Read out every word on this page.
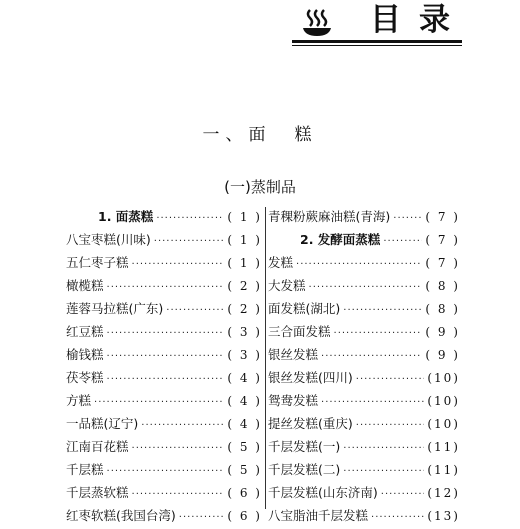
目录
一、面　糕
(一)蒸制品
1. 面蒸糕 ·····	( 1 )
八宝枣糕(川味) ·····	( 1 )
五仁枣子糕 ·····	( 1 )
橄榄糕 ·····	( 2 )
莲蓉马拉糕(广东) ·····	( 2 )
红豆糕 ·····	( 3 )
榆钱糕 ·····	( 3 )
茯苓糕 ·····	( 4 )
方糕 ·····	( 4 )
一品糕(辽宁) ·····	( 4 )
江南百花糕 ·····	( 5 )
千层糕 ·····	( 5 )
千层蒸软糕 ·····	( 6 )
红枣软糕(我国台湾) ·····	( 6 )
青稞粉蕨麻油糕(青海) ·····	( 7 )
2. 发酵面蒸糕 ·····	( 7 )
发糕 ·····	( 7 )
大发糕 ·····	( 8 )
面发糕(湖北) ·····	( 8 )
三合面发糕 ·····	( 9 )
银丝发糕 ·····	( 9 )
银丝发糕(四川) ·····	(10)
鸳鸯发糕 ·····	(10)
提丝发糕(重庆) ·····	(10)
千层发糕(一) ·····	(11)
千层发糕(二) ·····	(11)
千层发糕(山东济南) ·····	(12)
八宝脂油千层发糕 ·····	(13)
